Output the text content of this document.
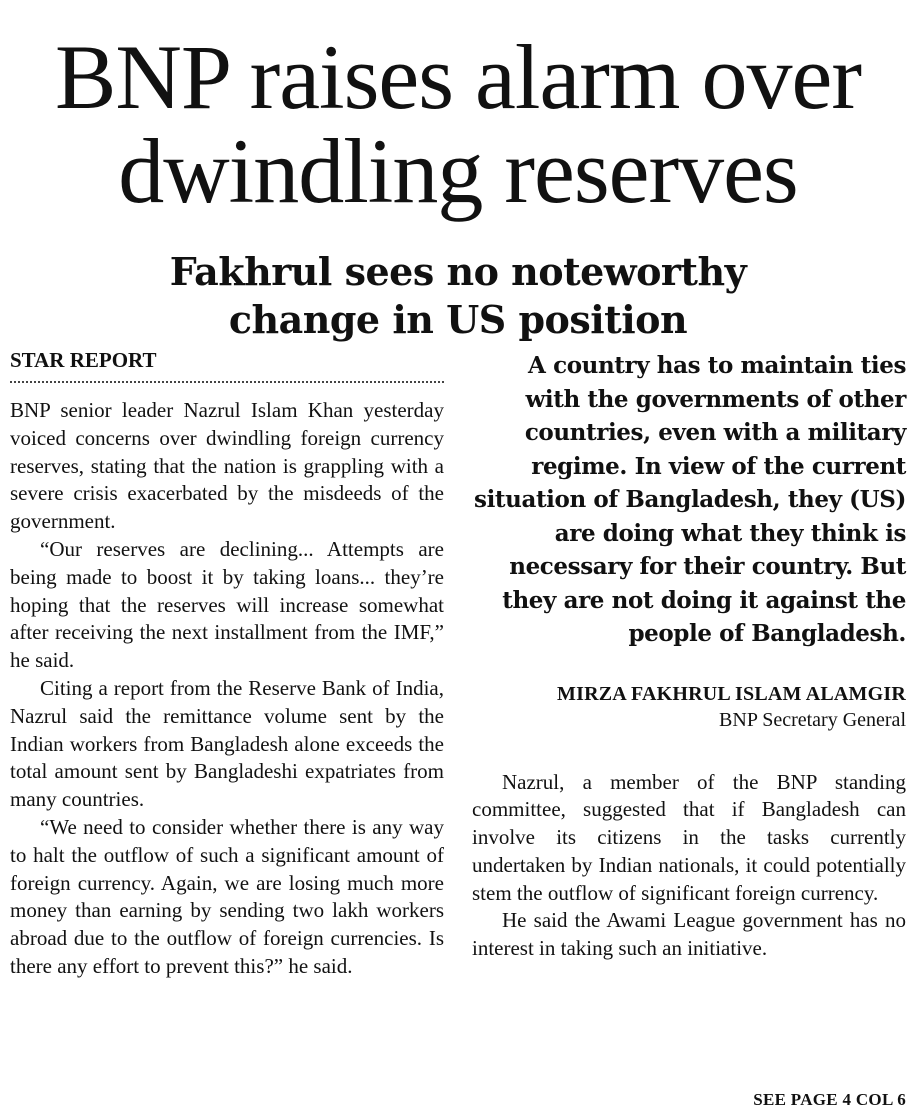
BNP raises alarm over
dwindling reserves
Fakhrul sees no noteworthy
change in US position
STAR REPORT

BNP senior leader Nazrul Islam Khan yesterday voiced concerns over dwindling foreign currency reserves, stating that the nation is grappling with a severe crisis exacerbated by the misdeeds of the government.

“Our reserves are declining... Attempts are being made to boost it by taking loans... they’re hoping that the reserves will increase somewhat after receiving the next installment from the IMF,” he said.

Citing a report from the Reserve Bank of India, Nazrul said the remittance volume sent by the Indian workers from Bangladesh alone exceeds the total amount sent by Bangladeshi expatriates from many countries.

“We need to consider whether there is any way to halt the outflow of such a significant amount of foreign currency. Again, we are losing much more money than earning by sending two lakh workers abroad due to the outflow of foreign currencies. Is there any effort to prevent this?” he said.

A country has to maintain ties with the governments of other countries, even with a military regime. In view of the current situation of Bangladesh, they (US) are doing what they think is necessary for their country. But they are not doing it against the people of Bangladesh.
MIRZA FAKHRUL ISLAM ALAMGIR
BNP Secretary General

Nazrul, a member of the BNP standing committee, suggested that if Bangladesh can involve its citizens in the tasks currently undertaken by Indian nationals, it could potentially stem the outflow of significant foreign currency.

He said the Awami League government has no interest in taking such an initiative.

SEE PAGE 4 COL 6
